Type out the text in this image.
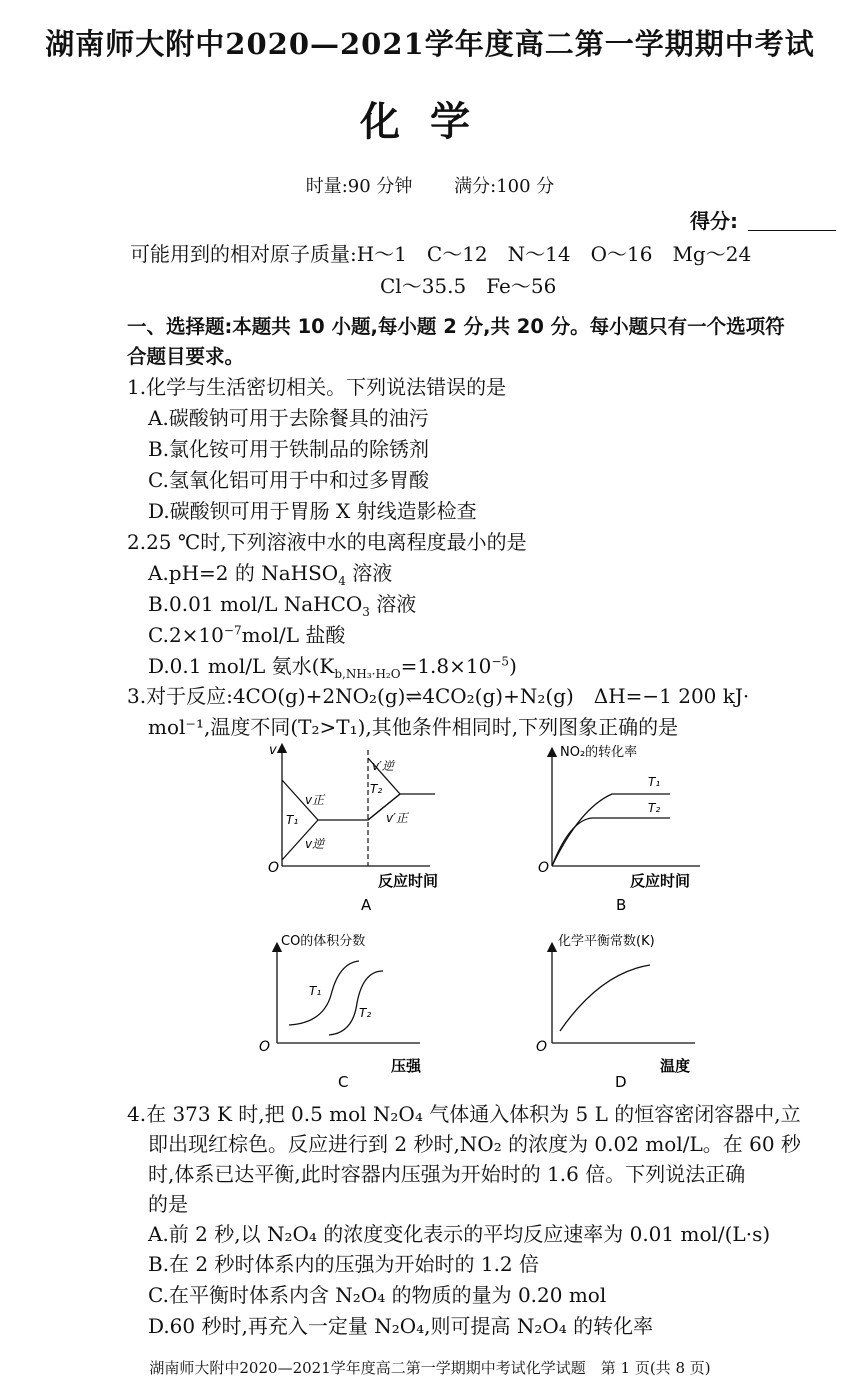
湖南师大附中2020—2021学年度高二第一学期期中考试
化学
时量:90 分钟　　 满分:100 分
得分:
可能用到的相对原子质量:H～1　C～12　N～14　O～16　Mg～24
Cl～35.5　Fe～56
一、选择题:本题共 10 小题,每小题 2 分,共 20 分。每小题只有一个选项符
合题目要求。
1.化学与生活密切相关。下列说法错误的是
A.碳酸钠可用于去除餐具的油污
B.氯化铵可用于铁制品的除锈剂
C.氢氧化铝可用于中和过多胃酸
D.碳酸钡可用于胃肠 X 射线造影检查
2.25 ℃时,下列溶液中水的电离程度最小的是
A.pH=2 的 NaHSO$_4$ 溶液
B.0.01 mol/L NaHCO$_3$ 溶液
$C.2\times 10^{-7}mol/L$ 盐酸
D.0.1 mol/L 氨水$(K_{b,NH_3\cdot H_2O}=1.8\times 10^{-5})$
3.对于反应:4CO(g)+2NO₂(g)⇌4CO₂(g)+N₂(g)　ΔH=−1 200 kJ·
mol⁻¹,温度不同(T₂>T₁),其他条件相同时,下列图象正确的是
v
O
v正
T₁
v逆
v′逆
T₂
v′正
反应时间
A
NO₂的转化率
O
T₁
T₂
反应时间
B
CO的体积分数
O
T₁
T₂
压强
C
化学平衡常数(K)
O
温度
D
4.在 373 K 时,把 0.5 mol N₂O₄ 气体通入体积为 5 L 的恒容密闭容器中,立
即出现红棕色。反应进行到 2 秒时,NO₂ 的浓度为 0.02 mol/L。在 60 秒
时,体系已达平衡,此时容器内压强为开始时的 1.6 倍。下列说法正确
的是
A.前 2 秒,以 N₂O₄ 的浓度变化表示的平均反应速率为 0.01 mol/(L·s)
B.在 2 秒时体系内的压强为开始时的 1.2 倍
C.在平衡时体系内含 N₂O₄ 的物质的量为 0.20 mol
D.60 秒时,再充入一定量 N₂O₄,则可提高 N₂O₄ 的转化率
湖南师大附中2020—2021学年度高二第一学期期中考试化学试题　第 1 页(共 8 页)
